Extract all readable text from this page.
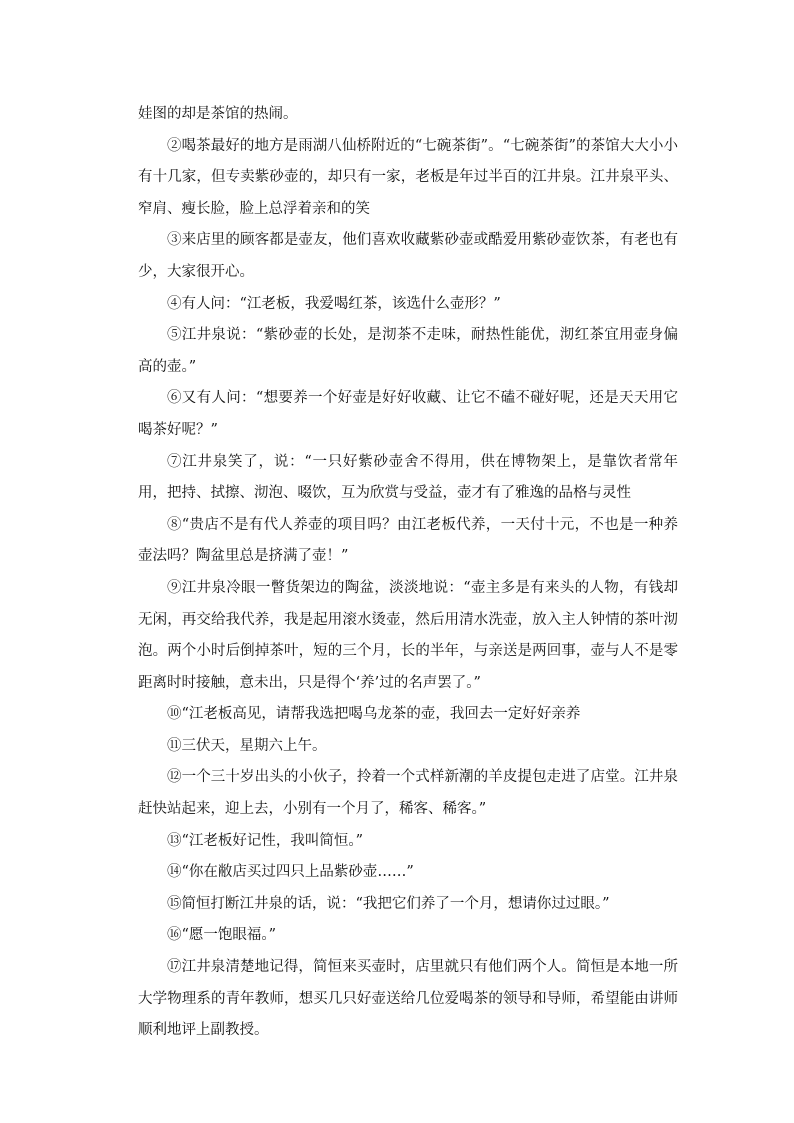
娃图的却是茶馆的热闹。

②喝茶最好的地方是雨湖八仙桥附近的“七碗茶街”。“七碗茶街”的茶馆大大小小有十几家，但专卖紫砂壶的，却只有一家，老板是年过半百的江井泉。江井泉平头、窄肩、瘦长脸，脸上总浮着亲和的笑

③来店里的顾客都是壶友，他们喜欢收藏紫砂壶或酷爱用紫砂壶饮茶，有老也有少，大家很开心。

④有人问：“江老板，我爱喝红茶，该选什么壶形？”

⑤江井泉说：“紫砂壶的长处，是沏茶不走味，耐热性能优，沏红茶宜用壶身偏高的壶。”

⑥又有人问：“想要养一个好壶是好好收藏、让它不磕不碰好呢，还是天天用它喝茶好呢？”

⑦江井泉笑了，说：“一只好紫砂壶舍不得用，供在博物架上，是靠饮者常年用，把持、拭擦、沏泡、啜饮，互为欣赏与受益，壶才有了雅逸的品格与灵性

⑧“贵店不是有代人养壶的项目吗？由江老板代养，一天付十元，不也是一种养壶法吗？陶盆里总是挤满了壶！”

⑨江井泉冷眼一瞥货架边的陶盆，淡淡地说：“壶主多是有来头的人物，有钱却无闲，再交给我代养，我是起用滚水烫壶，然后用清水洗壶，放入主人钟情的茶叶沏泡。两个小时后倒掉茶叶，短的三个月，长的半年，与亲送是两回事，壶与人不是零距离时时接触，意未出，只是得个‘养’过的名声罢了。”

⑩“江老板高见，请帮我选把喝乌龙茶的壶，我回去一定好好亲养

⑪三伏天，星期六上午。

⑫一个三十岁出头的小伙子，拎着一个式样新潮的羊皮提包走进了店堂。江井泉赶快站起来，迎上去，小别有一个月了，稀客、稀客。”

⑬“江老板好记性，我叫简恒。”

⑭“你在敝店买过四只上品紫砂壶……”

⑮简恒打断江井泉的话，说：“我把它们养了一个月，想请你过过眼。”

⑯“愿一饱眼福。”

⑰江井泉清楚地记得，简恒来买壶时，店里就只有他们两个人。简恒是本地一所大学物理系的青年教师，想买几只好壶送给几位爱喝茶的领导和导师，希望能由讲师顺利地评上副教授。
